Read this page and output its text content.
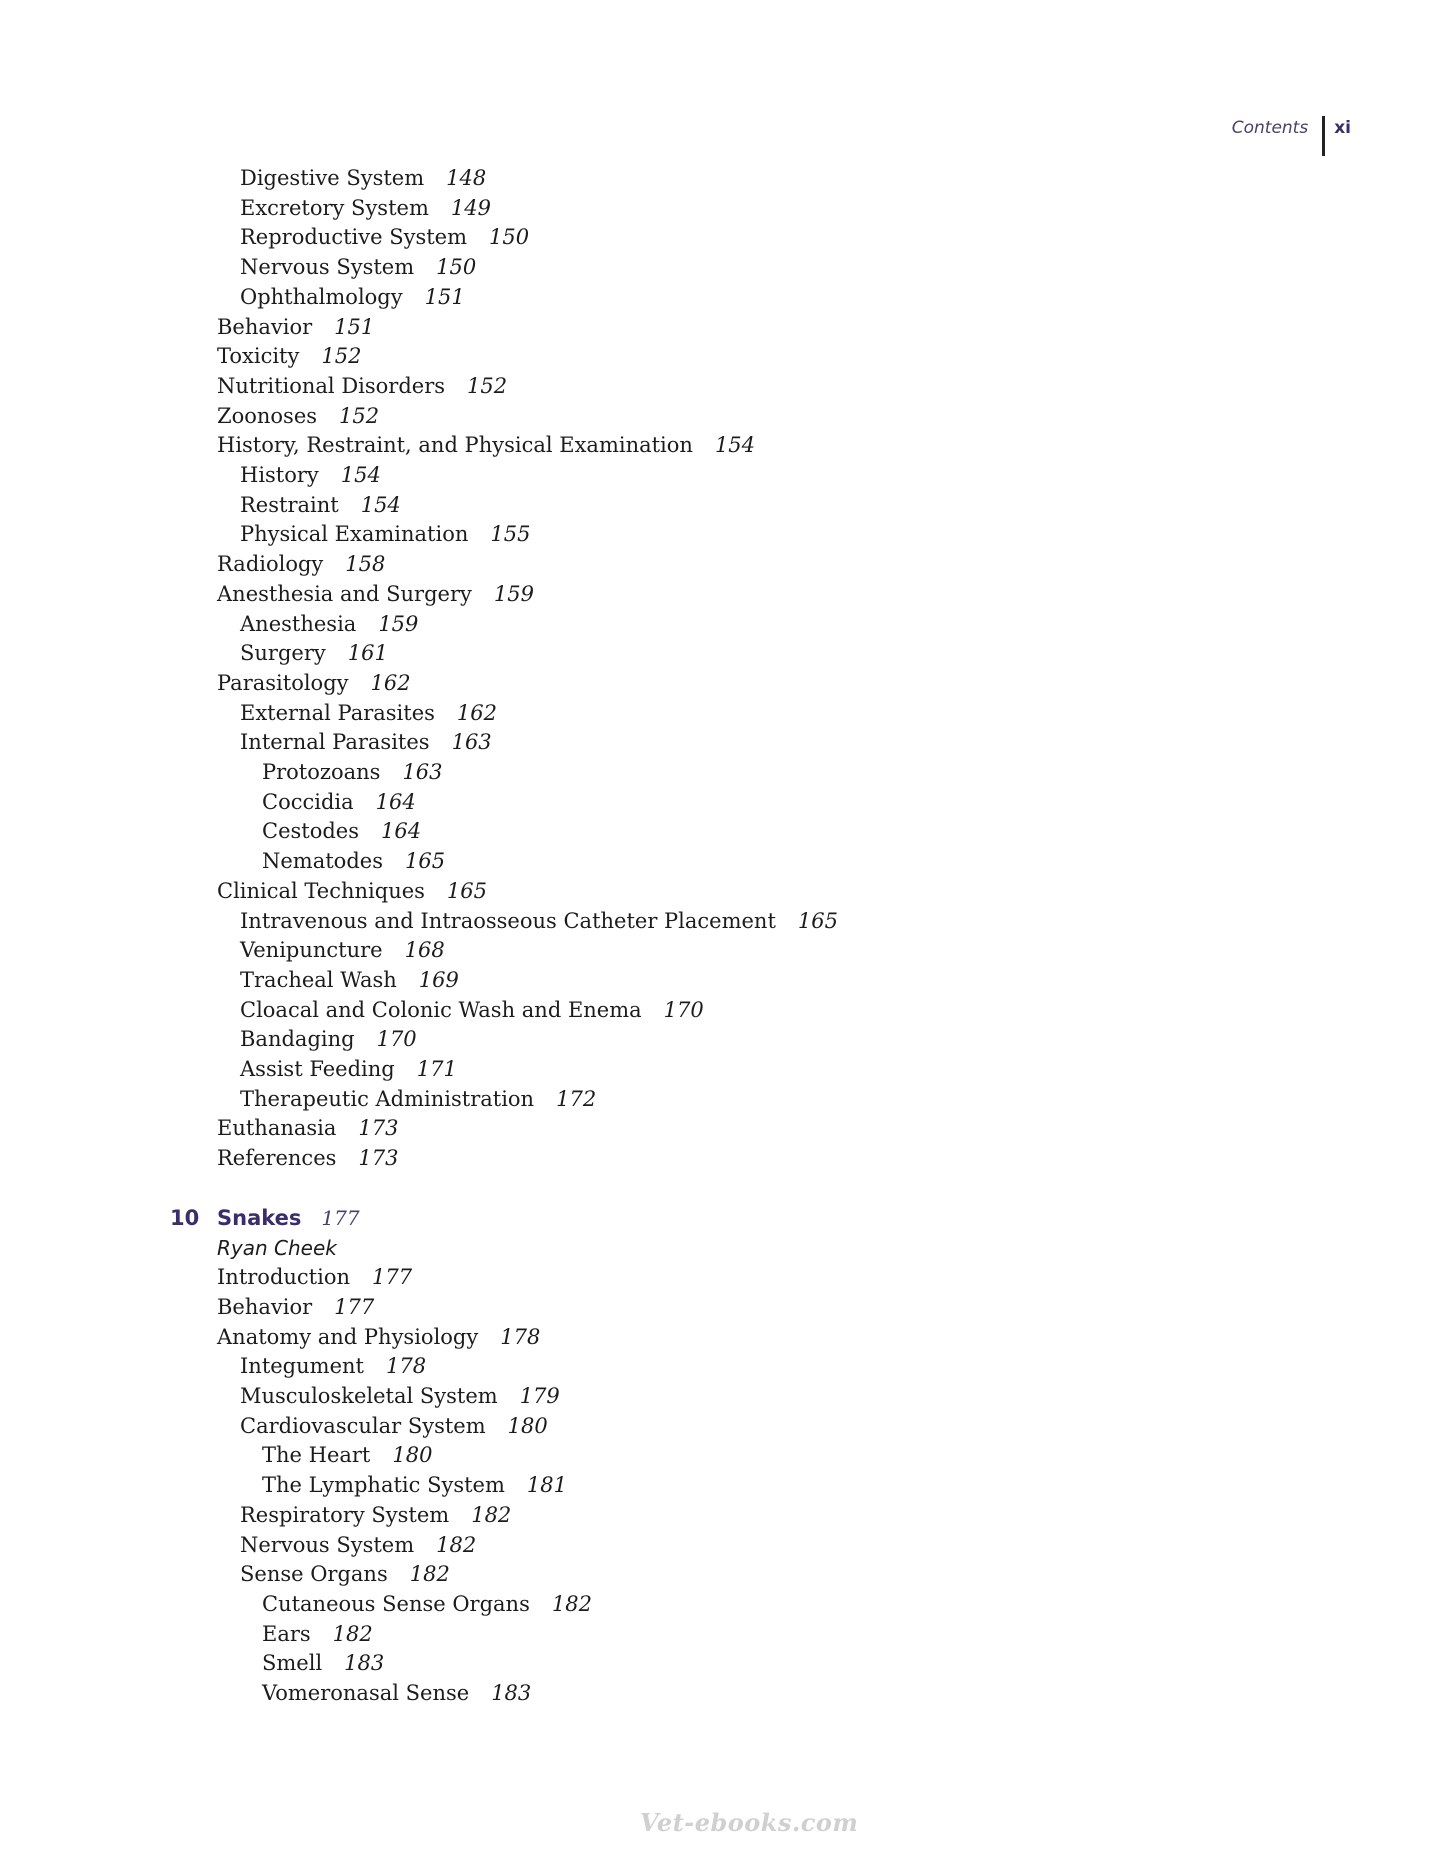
Contents	xi
Digestive System 148
Excretory System 149
Reproductive System 150
Nervous System 150
Ophthalmology 151
Behavior 151
Toxicity 152
Nutritional Disorders 152
Zoonoses 152
History, Restraint, and Physical Examination 154
History 154
Restraint 154
Physical Examination 155
Radiology 158
Anesthesia and Surgery 159
Anesthesia 159
Surgery 161
Parasitology 162
External Parasites 162
Internal Parasites 163
Protozoans 163
Coccidia 164
Cestodes 164
Nematodes 165
Clinical Techniques 165
Intravenous and Intraosseous Catheter Placement 165
Venipuncture 168
Tracheal Wash 169
Cloacal and Colonic Wash and Enema 170
Bandaging 170
Assist Feeding 171
Therapeutic Administration 172
Euthanasia 173
References 173
10 Snakes 177
Ryan Cheek
Introduction 177
Behavior 177
Anatomy and Physiology 178
Integument 178
Musculoskeletal System 179
Cardiovascular System 180
The Heart 180
The Lymphatic System 181
Respiratory System 182
Nervous System 182
Sense Organs 182
Cutaneous Sense Organs 182
Ears 182
Smell 183
Vomeronasal Sense 183
Vet-ebooks.com
